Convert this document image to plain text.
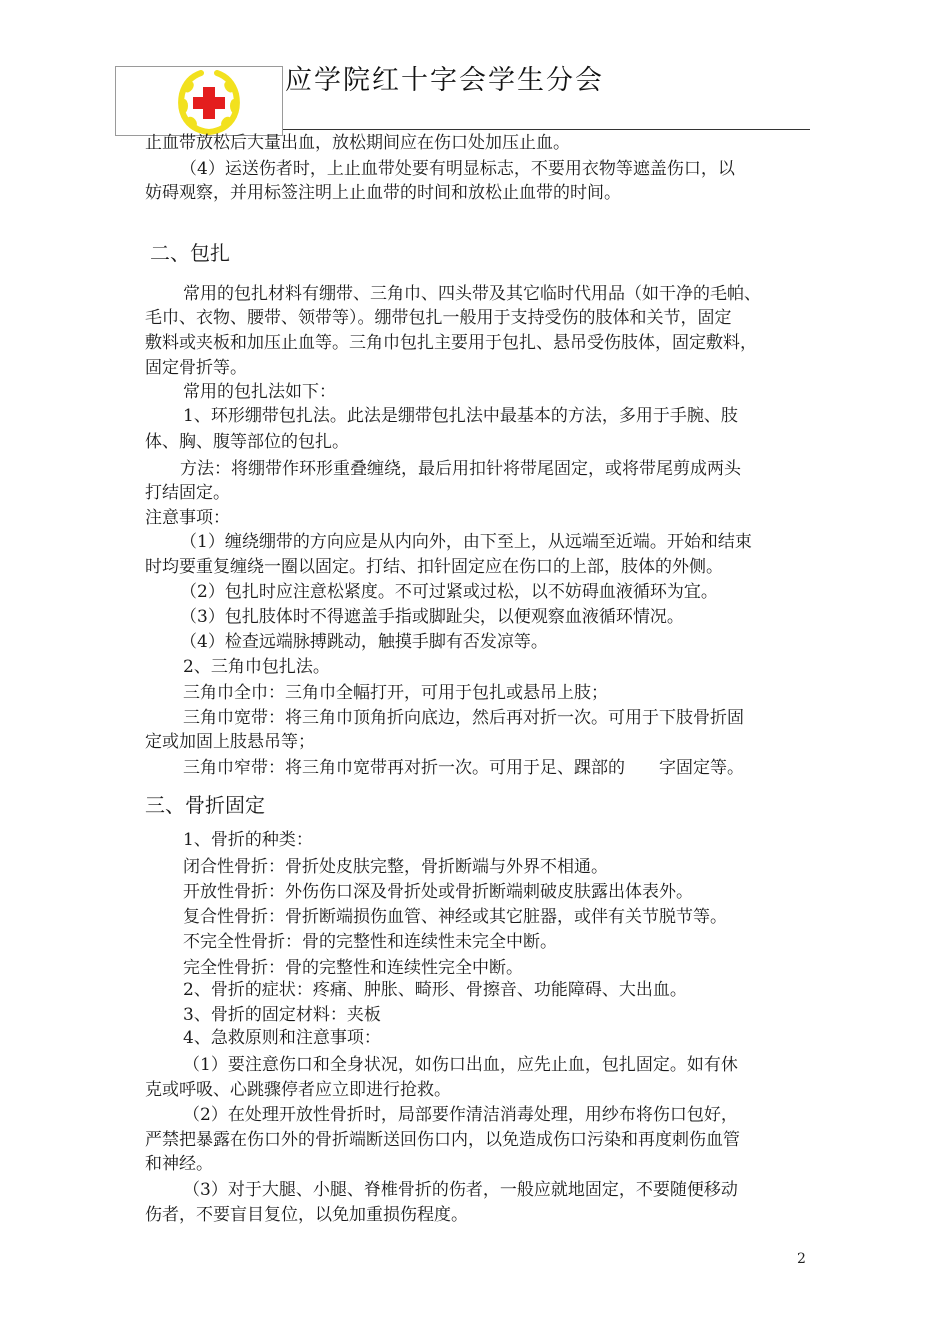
应学院红十字会学生分会
止血带放松后大量出血，放松期间应在伤口处加压止血。
（4）运送伤者时，上止血带处要有明显标志，不要用衣物等遮盖伤口，以
妨碍观察，并用标签注明上止血带的时间和放松止血带的时间。
二、包扎
常用的包扎材料有绷带、三角巾、四头带及其它临时代用品（如干净的毛帕、
毛巾、衣物、腰带、领带等）。绷带包扎一般用于支持受伤的肢体和关节，固定
敷料或夹板和加压止血等。三角巾包扎主要用于包扎、悬吊受伤肢体，固定敷料，
固定骨折等。
常用的包扎法如下：
1、环形绷带包扎法。此法是绷带包扎法中最基本的方法，多用于手腕、肢
体、胸、腹等部位的包扎。
方法：将绷带作环形重叠缠绕，最后用扣针将带尾固定，或将带尾剪成两头
打结固定。
注意事项：
（1）缠绕绷带的方向应是从内向外，由下至上，从远端至近端。开始和结束
时均要重复缠绕一圈以固定。打结、扣针固定应在伤口的上部，肢体的外侧。
（2）包扎时应注意松紧度。不可过紧或过松，以不妨碍血液循环为宜。
（3）包扎肢体时不得遮盖手指或脚趾尖，以便观察血液循环情况。
（4）检查远端脉搏跳动，触摸手脚有否发凉等。
2、三角巾包扎法。
三角巾全巾：三角巾全幅打开，可用于包扎或悬吊上肢；
三角巾宽带：将三角巾顶角折向底边，然后再对折一次。可用于下肢骨折固
定或加固上肢悬吊等；
三角巾窄带：将三角巾宽带再对折一次。可用于足、踝部的　　字固定等。
三、骨折固定
1、骨折的种类：
闭合性骨折：骨折处皮肤完整，骨折断端与外界不相通。
开放性骨折：外伤伤口深及骨折处或骨折断端刺破皮肤露出体表外。
复合性骨折：骨折断端损伤血管、神经或其它脏器，或伴有关节脱节等。
不完全性骨折：骨的完整性和连续性未完全中断。
完全性骨折：骨的完整性和连续性完全中断。
2、骨折的症状：疼痛、肿胀、畸形、骨擦音、功能障碍、大出血。
3、骨折的固定材料：夹板
4、急救原则和注意事项：
（1）要注意伤口和全身状况，如伤口出血，应先止血，包扎固定。如有休
克或呼吸、心跳骤停者应立即进行抢救。
（2）在处理开放性骨折时，局部要作清洁消毒处理，用纱布将伤口包好，
严禁把暴露在伤口外的骨折端断送回伤口内，以免造成伤口污染和再度刺伤血管
和神经。
（3）对于大腿、小腿、脊椎骨折的伤者，一般应就地固定，不要随便移动
伤者，不要盲目复位，以免加重损伤程度。
2
